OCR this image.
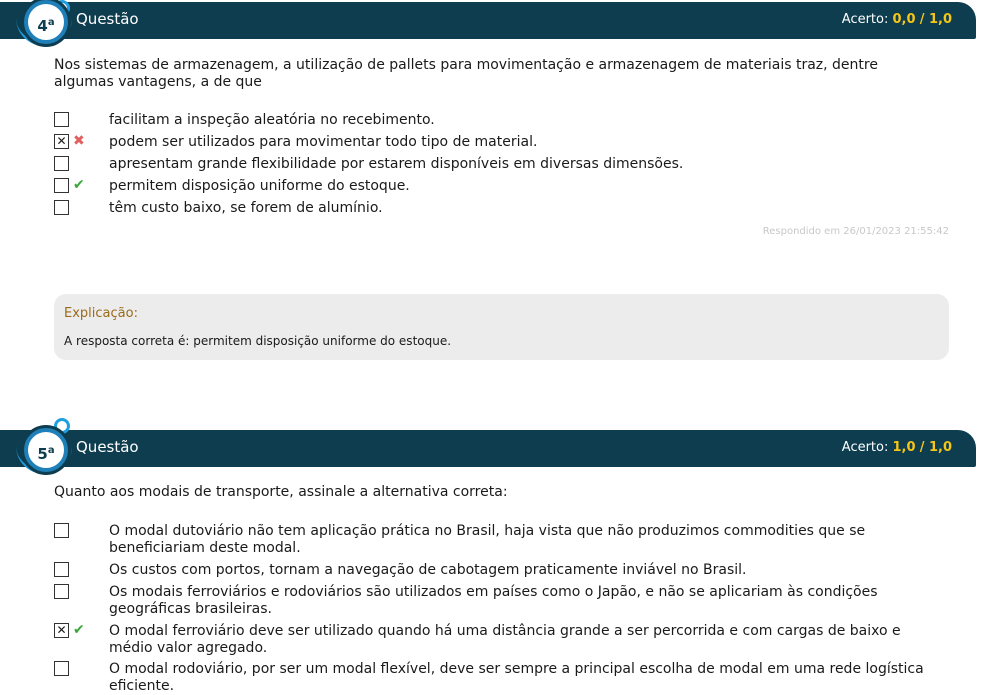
Questão	Acerto: 0,0 / 1,0
4$^a$
Nos sistemas de armazenagem, a utilização de pallets para movimentação e armazenagem de materiais traz, dentre algumas vantagens, a de que
facilitam a inspeção aleatória no recebimento.
✕ ✖ podem ser utilizados para movimentar todo tipo de material.
apresentam grande flexibilidade por estarem disponíveis em diversas dimensões.
✔ permitem disposição uniforme do estoque.
têm custo baixo, se forem de alumínio.
Respondido em 26/01/2023 21:55:42
Explicação:
A resposta correta é: permitem disposição uniforme do estoque.
Questão	Acerto: 1,0 / 1,0
5$^a$
Quanto aos modais de transporte, assinale a alternativa correta:
O modal dutoviário não tem aplicação prática no Brasil, haja vista que não produzimos commodities que se beneficiariam deste modal.
Os custos com portos, tornam a navegação de cabotagem praticamente inviável no Brasil.
Os modais ferroviários e rodoviários são utilizados em países como o Japão, e não se aplicariam às condições geográficas brasileiras.
✕ ✔ O modal ferroviário deve ser utilizado quando há uma distância grande a ser percorrida e com cargas de baixo e médio valor agregado.
O modal rodoviário, por ser um modal flexível, deve ser sempre a principal escolha de modal em uma rede logística eficiente.
